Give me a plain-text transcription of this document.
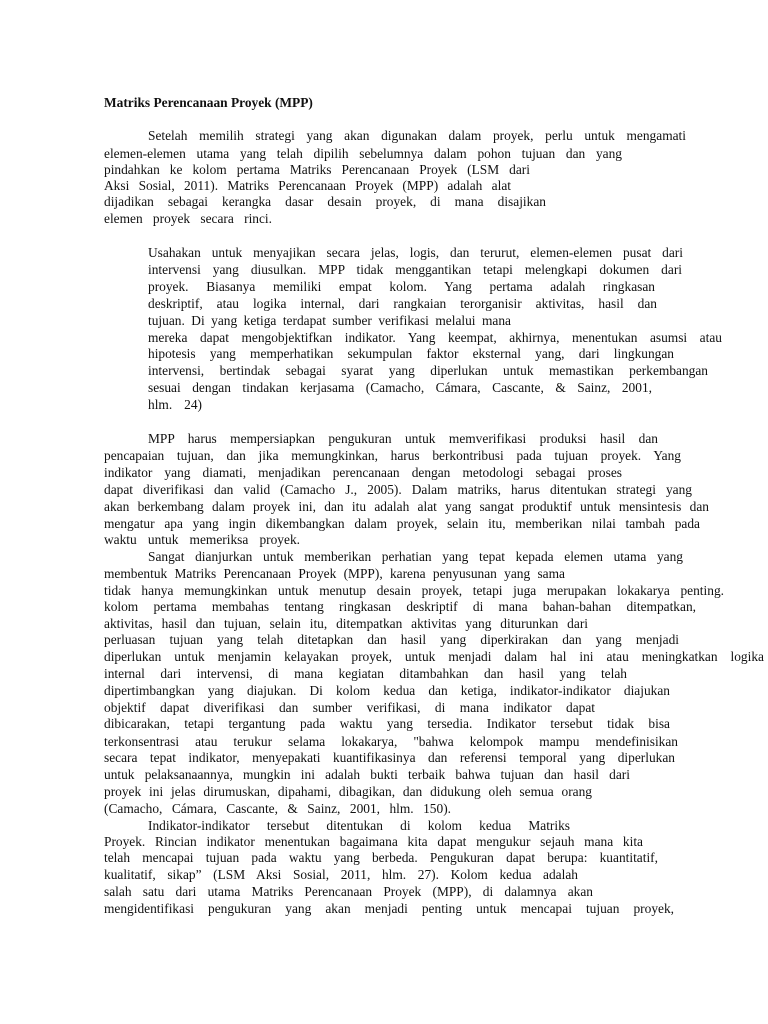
Matriks Perencanaan Proyek (MPP)
Setelah memilih strategi yang akan digunakan dalam proyek, perlu untuk mengamati
elemen-elemen utama yang telah dipilih sebelumnya dalam pohon tujuan dan yang
pindahkan ke kolom pertama Matriks Perencanaan Proyek (LSM dari
Aksi Sosial, 2011). Matriks Perencanaan Proyek (MPP) adalah alat
dijadikan sebagai kerangka dasar desain proyek, di mana disajikan
elemen proyek secara rinci.
Usahakan untuk menyajikan secara jelas, logis, dan terurut, elemen-elemen pusat dari
intervensi yang diusulkan. MPP tidak menggantikan tetapi melengkapi dokumen dari
proyek. Biasanya memiliki empat kolom. Yang pertama adalah ringkasan
deskriptif, atau logika internal, dari rangkaian terorganisir aktivitas, hasil dan
tujuan. Di yang ketiga terdapat sumber verifikasi melalui mana
mereka dapat mengobjektifkan indikator. Yang keempat, akhirnya, menentukan asumsi atau
hipotesis yang memperhatikan sekumpulan faktor eksternal yang, dari lingkungan
intervensi, bertindak sebagai syarat yang diperlukan untuk memastikan perkembangan
sesuai dengan tindakan kerjasama (Camacho, Cámara, Cascante, & Sainz, 2001,
hlm. 24)
MPP harus mempersiapkan pengukuran untuk memverifikasi produksi hasil dan
pencapaian tujuan, dan jika memungkinkan, harus berkontribusi pada tujuan proyek. Yang
indikator yang diamati, menjadikan perencanaan dengan metodologi sebagai proses
dapat diverifikasi dan valid (Camacho J., 2005). Dalam matriks, harus ditentukan strategi yang
akan berkembang dalam proyek ini, dan itu adalah alat yang sangat produktif untuk mensintesis dan
mengatur apa yang ingin dikembangkan dalam proyek, selain itu, memberikan nilai tambah pada
waktu untuk memeriksa proyek.
Sangat dianjurkan untuk memberikan perhatian yang tepat kepada elemen utama yang
membentuk Matriks Perencanaan Proyek (MPP), karena penyusunan yang sama
tidak hanya memungkinkan untuk menutup desain proyek, tetapi juga merupakan lokakarya penting.
kolom pertama membahas tentang ringkasan deskriptif di mana bahan-bahan ditempatkan,
aktivitas, hasil dan tujuan, selain itu, ditempatkan aktivitas yang diturunkan dari
perluasan tujuan yang telah ditetapkan dan hasil yang diperkirakan dan yang menjadi
diperlukan untuk menjamin kelayakan proyek, untuk menjadi dalam hal ini atau meningkatkan logika
internal dari intervensi, di mana kegiatan ditambahkan dan hasil yang telah
dipertimbangkan yang diajukan. Di kolom kedua dan ketiga, indikator-indikator diajukan
objektif dapat diverifikasi dan sumber verifikasi, di mana indikator dapat
dibicarakan, tetapi tergantung pada waktu yang tersedia. Indikator tersebut tidak bisa
terkonsentrasi atau terukur selama lokakarya, "bahwa kelompok mampu mendefinisikan
secara tepat indikator, menyepakati kuantifikasinya dan referensi temporal yang diperlukan
untuk pelaksanaannya, mungkin ini adalah bukti terbaik bahwa tujuan dan hasil dari
proyek ini jelas dirumuskan, dipahami, dibagikan, dan didukung oleh semua orang
(Camacho, Cámara, Cascante, & Sainz, 2001, hlm. 150).
Indikator-indikator tersebut ditentukan di kolom kedua Matriks
Proyek. Rincian indikator menentukan bagaimana kita dapat mengukur sejauh mana kita
telah mencapai tujuan pada waktu yang berbeda. Pengukuran dapat berupa: kuantitatif,
kualitatif, sikap” (LSM Aksi Sosial, 2011, hlm. 27). Kolom kedua adalah
salah satu dari utama Matriks Perencanaan Proyek (MPP), di dalamnya akan
mengidentifikasi pengukuran yang akan menjadi penting untuk mencapai tujuan proyek,
